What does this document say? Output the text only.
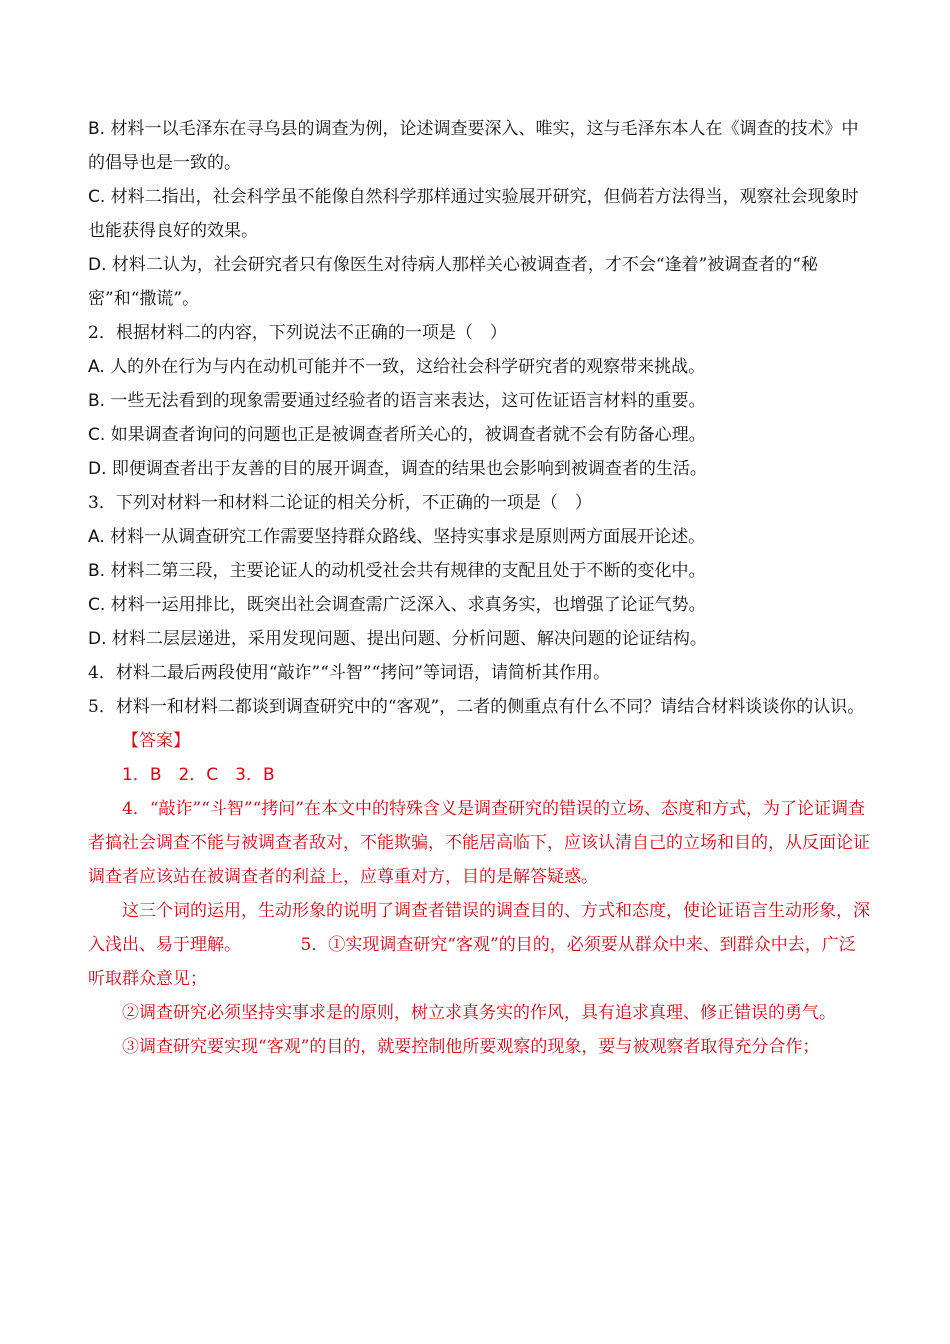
B. 材料一以毛泽东在寻乌县的调查为例，论述调查要深入、唯实，这与毛泽东本人在《调查的技术》中的倡导也是一致的。

C. 材料二指出，社会科学虽不能像自然科学那样通过实验展开研究，但倘若方法得当，观察社会现象时也能获得良好的效果。

D. 材料二认为，社会研究者只有像医生对待病人那样关心被调查者，才不会“逢着”被调查者的“秘密”和“撒谎”。

2．根据材料二的内容，下列说法不正确的一项是（　）

A. 人的外在行为与内在动机可能并不一致，这给社会科学研究者的观察带来挑战。

B. 一些无法看到的现象需要通过经验者的语言来表达，这可佐证语言材料的重要。

C. 如果调查者询问的问题也正是被调查者所关心的，被调查者就不会有防备心理。

D. 即便调查者出于友善的目的展开调查，调查的结果也会影响到被调查者的生活。

3．下列对材料一和材料二论证的相关分析，不正确的一项是（　）

A. 材料一从调查研究工作需要坚持群众路线、坚持实事求是原则两方面展开论述。

B. 材料二第三段，主要论证人的动机受社会共有规律的支配且处于不断的变化中。

C. 材料一运用排比，既突出社会调查需广泛深入、求真务实，也增强了论证气势。

D. 材料二层层递进，采用发现问题、提出问题、分析问题、解决问题的论证结构。

4．材料二最后两段使用“敲诈”“斗智”“拷问”等词语，请简析其作用。

5．材料一和材料二都谈到调查研究中的“客观”，二者的侧重点有什么不同？请结合材料谈谈你的认识。

【答案】

1．B　2．C　3．B

4．“敲诈”“斗智”“拷问”在本文中的特殊含义是调查研究的错误的立场、态度和方式，为了论证调查者搞社会调查不能与被调查者敌对，不能欺骗，不能居高临下，应该认清自己的立场和目的，从反面论证调查者应该站在被调查者的利益上，应尊重对方，目的是解答疑惑。

这三个词的运用，生动形象的说明了调查者错误的调查目的、方式和态度，使论证语言生动形象，深入浅出、易于理解。　　　　	5．①实现调查研究“客观”的目的，必须要从群众中来、到群众中去，广泛听取群众意见；

②调查研究必须坚持实事求是的原则，树立求真务实的作风，具有追求真理、修正错误的勇气。

③调查研究要实现“客观”的目的，就要控制他所要观察的现象，要与被观察者取得充分合作；
